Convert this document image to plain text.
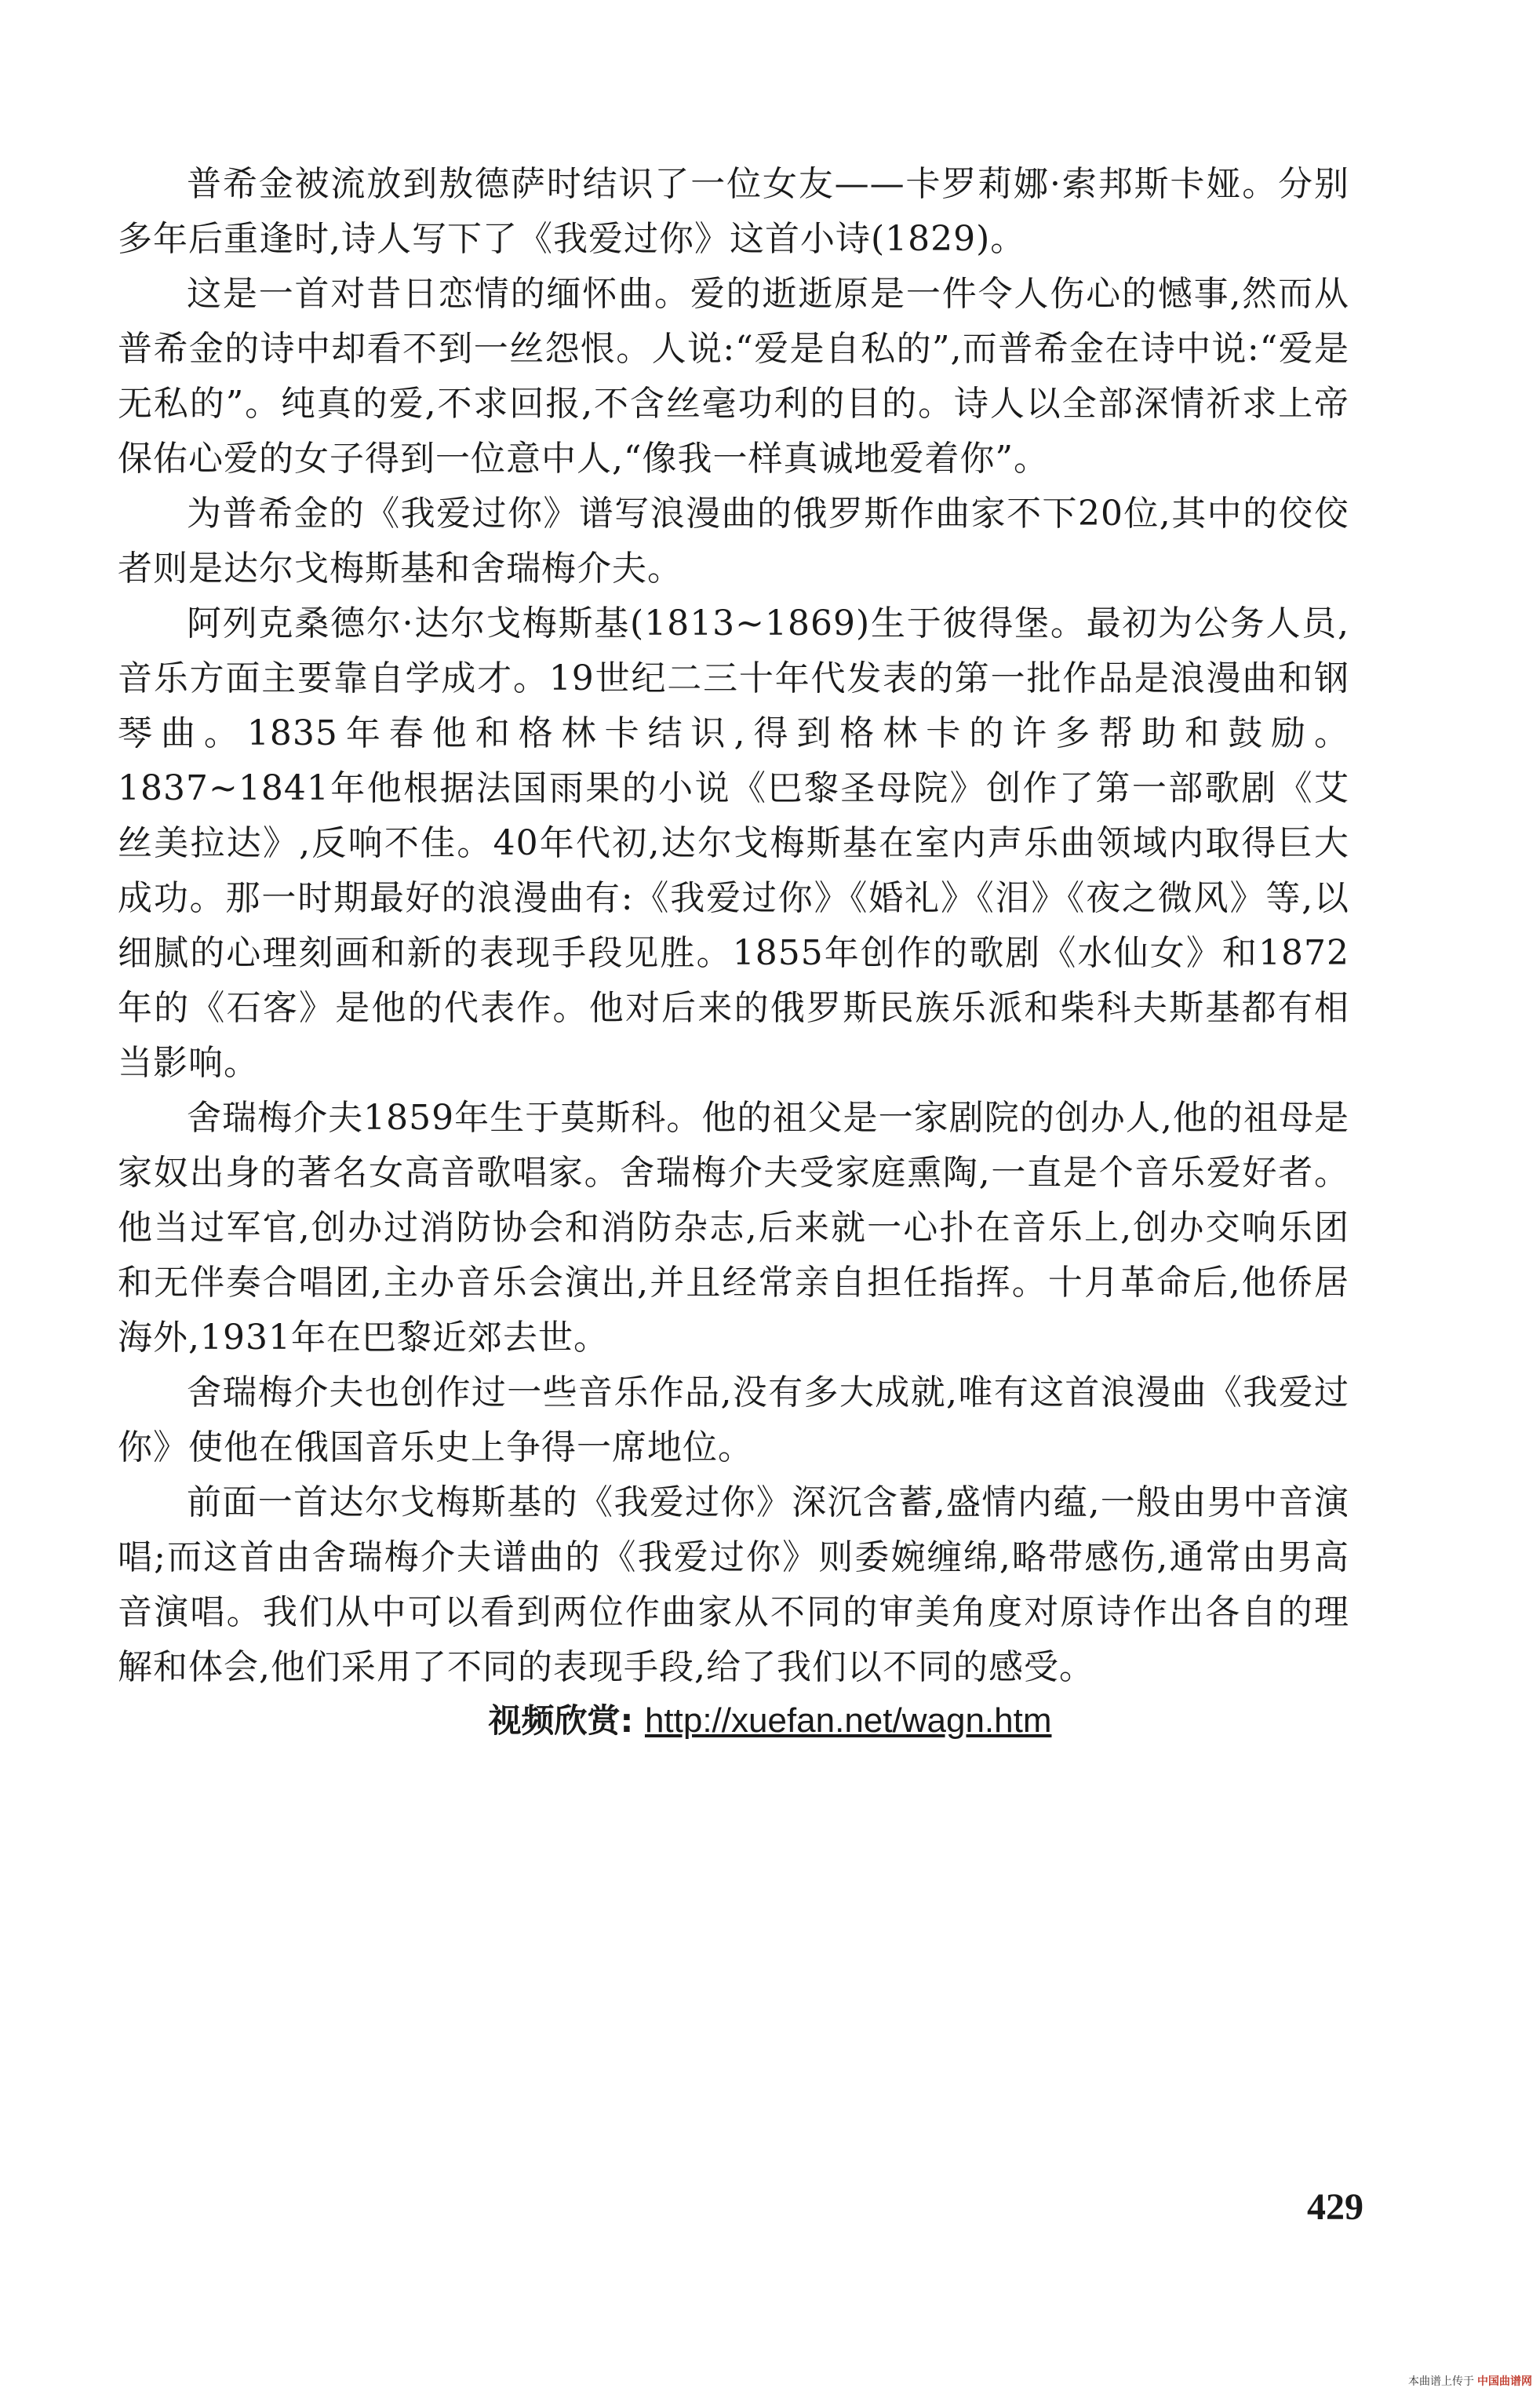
普希金被流放到敖德萨时结识了一位女友——卡罗莉娜·索邦斯卡娅。分别多年后重逢时,诗人写下了《我爱过你》这首小诗(1829)。

这是一首对昔日恋情的缅怀曲。爱的逝逝原是一件令人伤心的憾事,然而从普希金的诗中却看不到一丝怨恨。人说:“爱是自私的”,而普希金在诗中说:“爱是无私的”。纯真的爱,不求回报,不含丝毫功利的目的。诗人以全部深情祈求上帝保佑心爱的女子得到一位意中人,“像我一样真诚地爱着你”。

为普希金的《我爱过你》谱写浪漫曲的俄罗斯作曲家不下20位,其中的佼佼者则是达尔戈梅斯基和舍瑞梅介夫。

阿列克桑德尔·达尔戈梅斯基(1813~1869)生于彼得堡。最初为公务人员,音乐方面主要靠自学成才。19世纪二三十年代发表的第一批作品是浪漫曲和钢琴曲。1835年春他和格林卡结识,得到格林卡的许多帮助和鼓励。1837~1841年他根据法国雨果的小说《巴黎圣母院》创作了第一部歌剧《艾丝美拉达》,反响不佳。40年代初,达尔戈梅斯基在室内声乐曲领域内取得巨大成功。那一时期最好的浪漫曲有:《我爱过你》《婚礼》《泪》《夜之微风》等,以细腻的心理刻画和新的表现手段见胜。1855年创作的歌剧《水仙女》和1872年的《石客》是他的代表作。他对后来的俄罗斯民族乐派和柴科夫斯基都有相当影响。

舍瑞梅介夫1859年生于莫斯科。他的祖父是一家剧院的创办人,他的祖母是家奴出身的著名女高音歌唱家。舍瑞梅介夫受家庭熏陶,一直是个音乐爱好者。他当过军官,创办过消防协会和消防杂志,后来就一心扑在音乐上,创办交响乐团和无伴奏合唱团,主办音乐会演出,并且经常亲自担任指挥。十月革命后,他侨居海外,1931年在巴黎近郊去世。

舍瑞梅介夫也创作过一些音乐作品,没有多大成就,唯有这首浪漫曲《我爱过你》使他在俄国音乐史上争得一席地位。

前面一首达尔戈梅斯基的《我爱过你》深沉含蓄,盛情内蕴,一般由男中音演唱;而这首由舍瑞梅介夫谱曲的《我爱过你》则委婉缠绵,略带感伤,通常由男高音演唱。我们从中可以看到两位作曲家从不同的审美角度对原诗作出各自的理解和体会,他们采用了不同的表现手段,给了我们以不同的感受。

视频欣赏: http://xuefan.net/wagn.htm
429
本曲谱上传于 中国曲谱网
